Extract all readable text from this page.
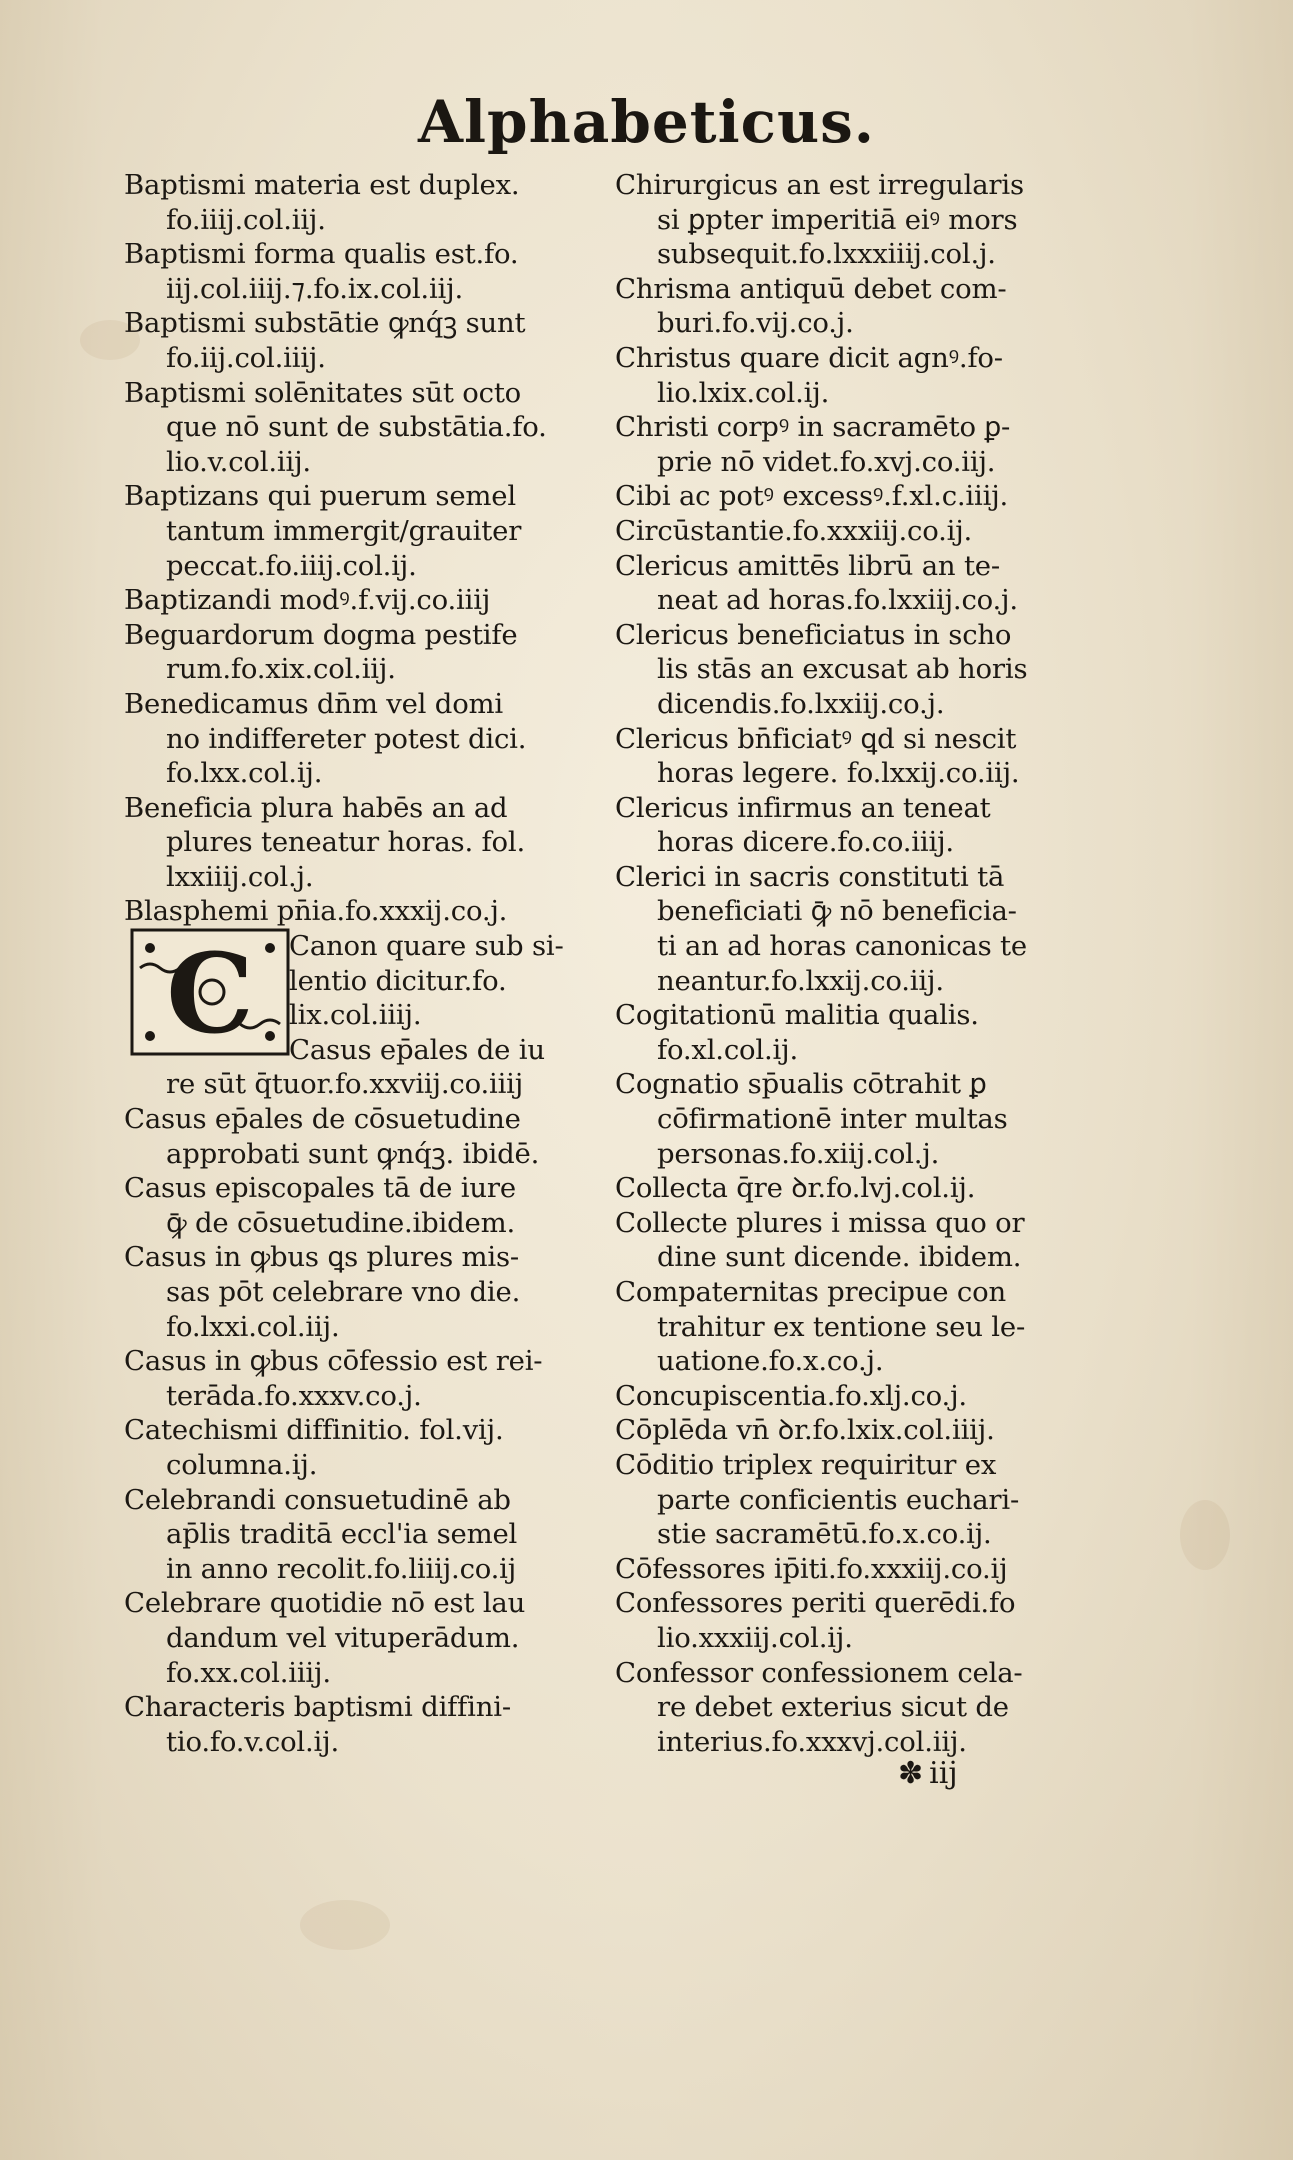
Alphabeticus.
Baptismi materia est duplex.
fo.iiij.col.iij.
Baptismi forma qualis est.fo.
iij.col.iiij.⁊.fo.ix.col.iij.
Baptismi substātie ꝙnq́ꝫ sunt
fo.iij.col.iiij.
Baptismi solēnitates sūt octo
que nō sunt de substātia.fo.
lio.v.col.iij.
Baptizans qui puerum semel
tantum immergit/grauiter
peccat.fo.iiij.col.ij.
Baptizandi modꝰ.f.vij.co.iiij
Beguardorum dogma pestife
rum.fo.xix.col.iij.
Benedicamus dn̄m vel domi
no indiffereter potest dici.
fo.lxx.col.ij.
Beneficia plura habēs an ad
plures teneatur horas. fol.
lxxiiij.col.j.
Blasphemi pn̄ia.fo.xxxij.co.j.
Canon quare sub si-
lentio dicitur.fo.
lix.col.iiij.
Casus ep̄ales de iu
re sūt q̄tuor.fo.xxviij.co.iiij
Casus ep̄ales de cōsuetudine
approbati sunt ꝙnq́ꝫ. ibidē.
Casus episcopales tā de iure
ꝙ̄ de cōsuetudine.ibidem.
Casus in ꝙbus ꝗs plures mis-
sas pōt celebrare vno die.
fo.lxxi.col.iij.
Casus in ꝙbus cōfessio est rei-
terāda.fo.xxxv.co.j.
Catechismi diffinitio. fol.vij.
columna.ij.
Celebrandi consuetudinē ab
ap̄lis traditā eccl'ia semel
in anno recolit.fo.liiij.co.ij
Celebrare quotidie nō est lau
dandum vel vituperādum.
fo.xx.col.iiij.
Characteris baptismi diffini-
tio.fo.v.col.ij.
Chirurgicus an est irregularis
si ꝑpter imperitiā eiꝰ mors
subsequit.fo.lxxxiiij.col.j.
Chrisma antiquū debet com-
buri.fo.vij.co.j.
Christus quare dicit agnꝰ.fo-
lio.lxix.col.ij.
Christi corpꝰ in sacramēto ꝑ-
prie nō videt.fo.xvj.co.iij.
Cibi ac potꝰ excessꝰ.f.xl.c.iiij.
Circūstantie.fo.xxxiij.co.ij.
Clericus amittēs librū an te-
neat ad horas.fo.lxxiij.co.j.
Clericus beneficiatus in scho
lis stās an excusat ab horis
dicendis.fo.lxxiij.co.j.
Clericus bn̄ficiatꝰ ꝗd si nescit
horas legere. fo.lxxij.co.iij.
Clericus infirmus an teneat
horas dicere.fo.co.iiij.
Clerici in sacris constituti tā
beneficiati ꝙ̄ nō beneficia-
ti an ad horas canonicas te
neantur.fo.lxxij.co.iij.
Cogitationū malitia qualis.
fo.xl.col.ij.
Cognatio sp̄ualis cōtrahit ꝑ
cōfirmationē inter multas
personas.fo.xiij.col.j.
Collecta q̄re ꝺr.fo.lvj.col.ij.
Collecte plures i missa quo or
dine sunt dicende. ibidem.
Compaternitas precipue con
trahitur ex tentione seu le-
uatione.fo.x.co.j.
Concupiscentia.fo.xlj.co.j.
Cōplēda vn̄ ꝺr.fo.lxix.col.iiij.
Cōditio triplex requiritur ex
parte conficientis euchari-
stie sacramētū.fo.x.co.ij.
Cōfessores ip̄iti.fo.xxxiij.co.ij
Confessores periti querēdi.fo
lio.xxxiij.col.ij.
Confessor confessionem cela-
re debet exterius sicut de
interius.fo.xxxvj.col.iij.
C
✽ iij
